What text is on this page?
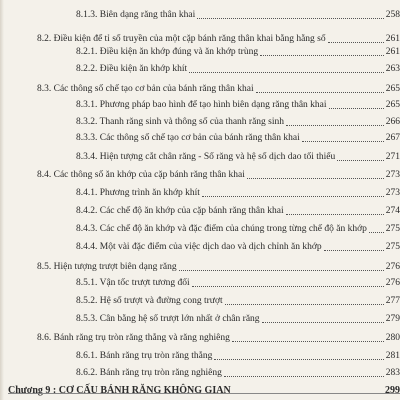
8.1.3. Biên dạng răng thân khai	258
8.2. Điều kiện để tỉ số truyền của một cặp bánh răng thân khai bằng hằng số	261
8.2.1. Điều kiện ăn khớp đúng và ăn khớp trùng	261
8.2.2. Điều kiện ăn khớp khít	263
8.3. Các thông số chế tạo cơ bản của bánh răng thân khai	265
8.3.1. Phương pháp bao hình để tạo hình biên dạng răng thân khai	265
8.3.2. Thanh răng sinh và thông số của thanh răng sinh	266
8.3.3. Các thông số chế tạo cơ bản của bánh răng thân khai	267
8.3.4. Hiện tượng cắt chân răng - Số răng và hệ số dịch dao tối thiểu	271
8.4. Các thông số ăn khớp của cặp bánh răng thân khai	273
8.4.1. Phương trình ăn khớp khít	273
8.4.2. Các chế độ ăn khớp của cặp bánh răng thân khai	274
8.4.3. Các chế độ ăn khớp và đặc điểm của chúng trong từng chế độ ăn khớp 275
8.4.4. Một vài đặc điểm của việc dịch dao và dịch chỉnh ăn khớp	275
8.5. Hiện tượng trượt biên dạng răng	276
8.5.1. Vận tốc trượt tương đối	276
8.5.2. Hệ số trượt và đường cong trượt	277
8.5.3. Cân bằng hệ số trượt lớn nhất ở chân răng	279
8.6. Bánh răng trụ tròn răng thẳng và răng nghiêng	280
8.6.1. Bánh răng trụ tròn răng thẳng	281
8.6.2. Bánh răng trụ tròn răng nghiêng	283
Chương 9 : CƠ CẤU BÁNH RĂNG KHÔNG GIAN	299
